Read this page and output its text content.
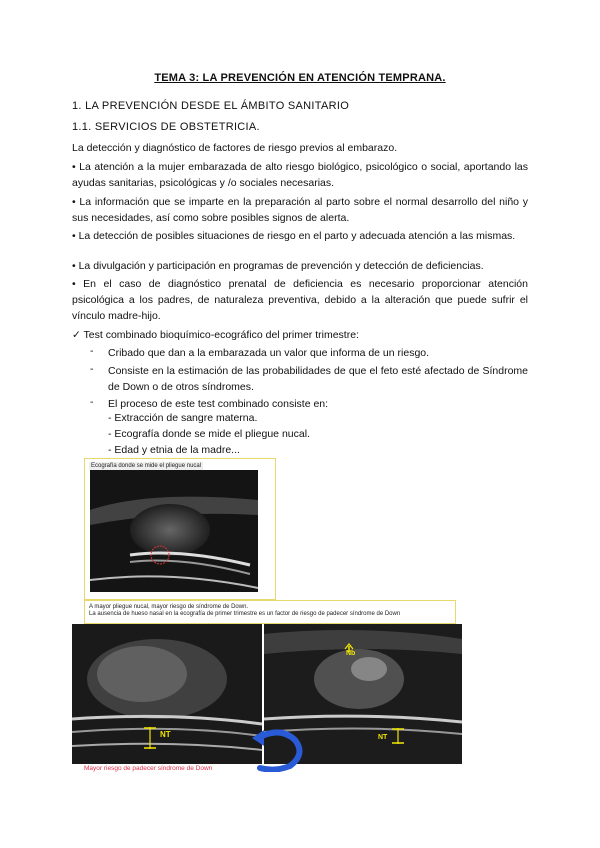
TEMA 3: LA PREVENCIÓN EN ATENCIÓN TEMPRANA.
1. LA PREVENCIÓN DESDE EL ÁMBITO SANITARIO
1.1. SERVICIOS DE OBSTETRICIA.
La detección y diagnóstico de factores de riesgo previos al embarazo.
• La atención a la mujer embarazada de alto riesgo biológico, psicológico o social, aportando las ayudas sanitarias, psicológicas y /o sociales necesarias.
• La información que se imparte en la preparación al parto sobre el normal desarrollo del niño y sus necesidades, así como sobre posibles signos de alerta.
• La detección de posibles situaciones de riesgo en el parto y adecuada atención a las mismas.
• La divulgación y participación en programas de prevención y detección de deficiencias.
• En el caso de diagnóstico prenatal de deficiencia es necesario proporcionar atención psicológica a los padres, de naturaleza preventiva, debido a la alteración que puede sufrir el vínculo madre-hijo.
✓ Test combinado bioquímico-ecográfico del primer trimestre:
- Cribado que dan a la embarazada un valor que informa de un riesgo.
- Consiste en la estimación de las probabilidades de que el feto esté afectado de Síndrome de Down o de otros síndromes.
- El proceso de este test combinado consiste en:
- Extracción de sangre materna.
- Ecografía donde se mide el pliegue nucal.
- Edad y etnia de la madre...
Ecografía donde se mide el pliegue nucal
A mayor pliegue nucal, mayor riesgo de síndrome de Down.
La ausencia de hueso nasal en la ecografía de primer trimestre es un factor de riesgo de padecer síndrome de Down
NT
Nb
NT
Mayor riesgo de padecer síndrome de Down
